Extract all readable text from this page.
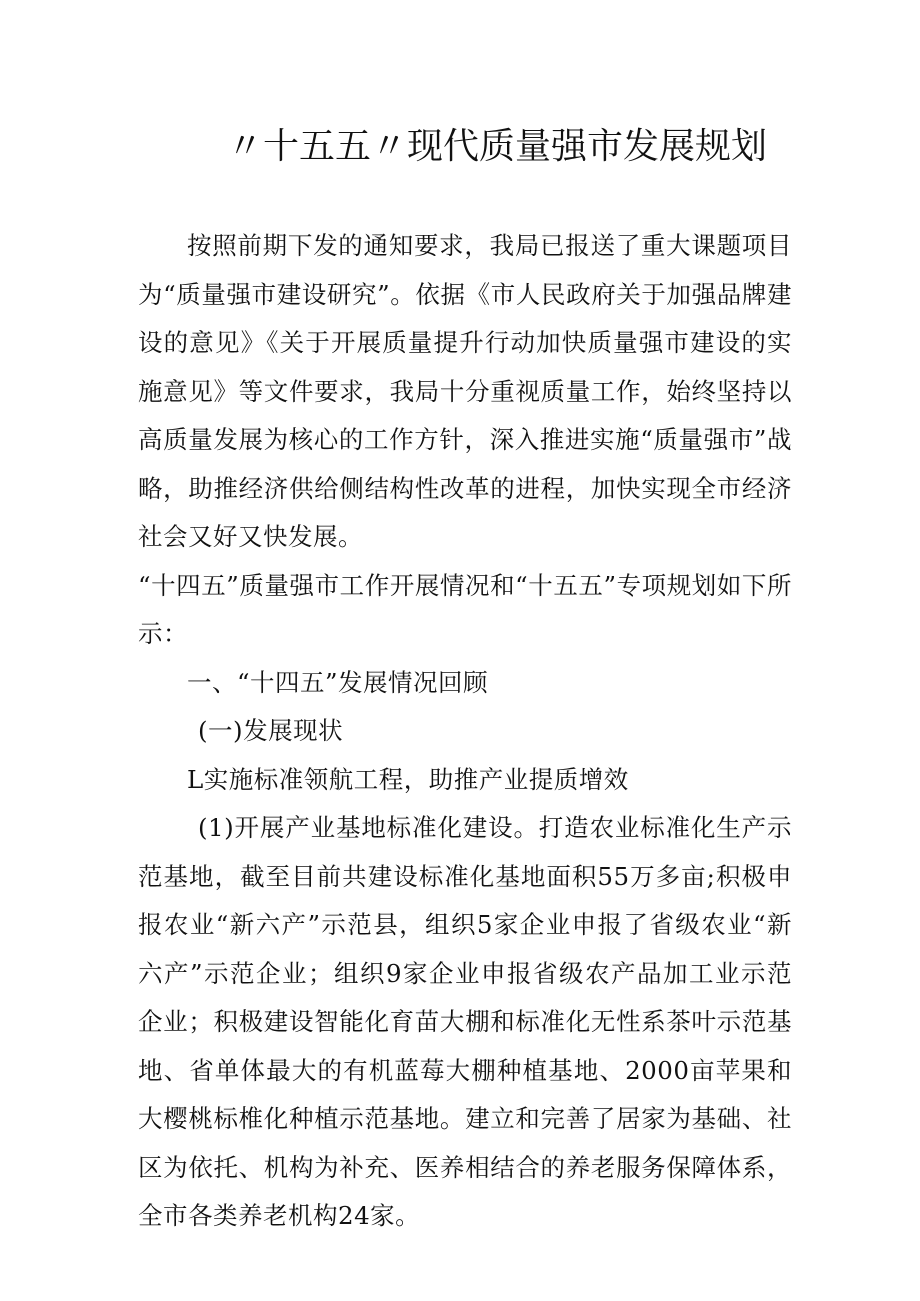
〃十五五〃现代质量强市发展规划

按照前期下发的通知要求，我局已报送了重大课题项目为“质量强市建设研究”。依据《市人民政府关于加强品牌建设的意见》《关于开展质量提升行动加快质量强市建设的实施意见》等文件要求，我局十分重视质量工作，始终坚持以高质量发展为核心的工作方针，深入推进实施“质量强市”战略，助推经济供给侧结构性改革的进程，加快实现全市经济社会又好又快发展。

“十四五”质量强市工作开展情况和“十五五”专项规划如下所示：

一、“十四五”发展情况回顾

(一)发展现状

L实施标准领航工程，助推产业提质增效

(1)开展产业基地标准化建设。打造农业标准化生产示范基地，截至目前共建设标准化基地面积55万多亩;积极申报农业“新六产”示范县，组织5家企业申报了省级农业“新六产”示范企业；组织9家企业申报省级农产品加工业示范企业；积极建设智能化育苗大棚和标准化无性系茶叶示范基地、省单体最大的有机蓝莓大棚种植基地、2000亩苹果和大樱桃标椎化种植示范基地。建立和完善了居家为基础、社区为依托、机构为补充、医养相结合的养老服务保障体系，全市各类养老机构24家。
